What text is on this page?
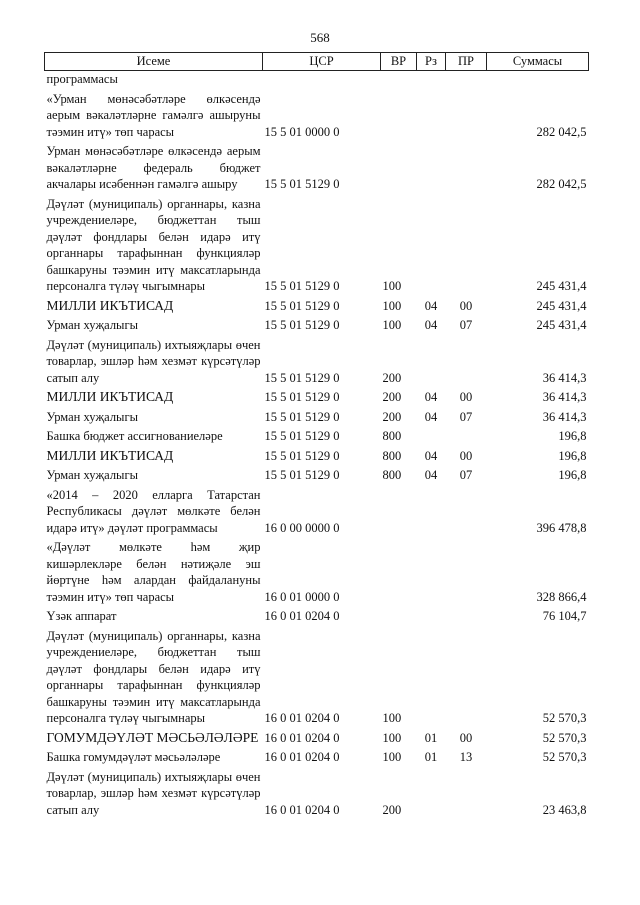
568
Исеме	ЦСР	ВР	Рз	ПР	Суммасы
программасы					
«Урман мөнәсәбәтләре өлкәсендә аерым вәкаләтләрне гамәлгә ашыруны тәэмин итү» төп чарасы	15 5 01 0000 0				282 042,5
Урман мөнәсәбәтләре өлкәсендә аерым вәкаләтләрне федераль бюджет акчалары исәбеннән гамәлгә ашыру	15 5 01 5129 0				282 042,5
Дәүләт (муниципаль) органнары, казна учреждениеләре, бюджеттан тыш дәүләт фондлары белән идарә итү органнары тарафыннан функцияләр башкаруны тәэмин итү максатларында персоналга түләү чыгымнары	15 5 01 5129 0	100			245 431,4
МИЛЛИ ИКЪТИСАД	15 5 01 5129 0	100	04	00	245 431,4
Урман хуҗалыгы	15 5 01 5129 0	100	04	07	245 431,4
Дәүләт (муниципаль) ихтыяҗлары өчен товарлар, эшләр һәм хезмәт күрсәтүләр сатып алу	15 5 01 5129 0	200			36 414,3
МИЛЛИ ИКЪТИСАД	15 5 01 5129 0	200	04	00	36 414,3
Урман хуҗалыгы	15 5 01 5129 0	200	04	07	36 414,3
Башка бюджет ассигнованиеләре	15 5 01 5129 0	800			196,8
МИЛЛИ ИКЪТИСАД	15 5 01 5129 0	800	04	00	196,8
Урман хуҗалыгы	15 5 01 5129 0	800	04	07	196,8
«2014 – 2020 елларга Татарстан Республикасы дәүләт мөлкәте белән идарә итү» дәүләт программасы	16 0 00 0000 0				396 478,8
«Дәүләт мөлкәте һәм җир кишәрлекләре белән нәтиҗәле эш йөртүне һәм алардан файдалануны тәэмин итү» төп чарасы	16 0 01 0000 0				328 866,4
Үзәк аппарат	16 0 01 0204 0				76 104,7
Дәүләт (муниципаль) органнары, казна учреждениеләре, бюджеттан тыш дәүләт фондлары белән идарә итү органнары тарафыннан функцияләр башкаруны тәэмин итү максатларында персоналга түләү чыгымнары	16 0 01 0204 0	100			52 570,3
ГОМУМДӘҮЛӘТ МӘСЬӘЛӘЛӘРЕ	16 0 01 0204 0	100	01	00	52 570,3
Башка гомумдәүләт мәсьәләләре	16 0 01 0204 0	100	01	13	52 570,3
Дәүләт (муниципаль) ихтыяҗлары өчен товарлар, эшләр һәм хезмәт күрсәтүләр сатып алу	16 0 01 0204 0	200			23 463,8
